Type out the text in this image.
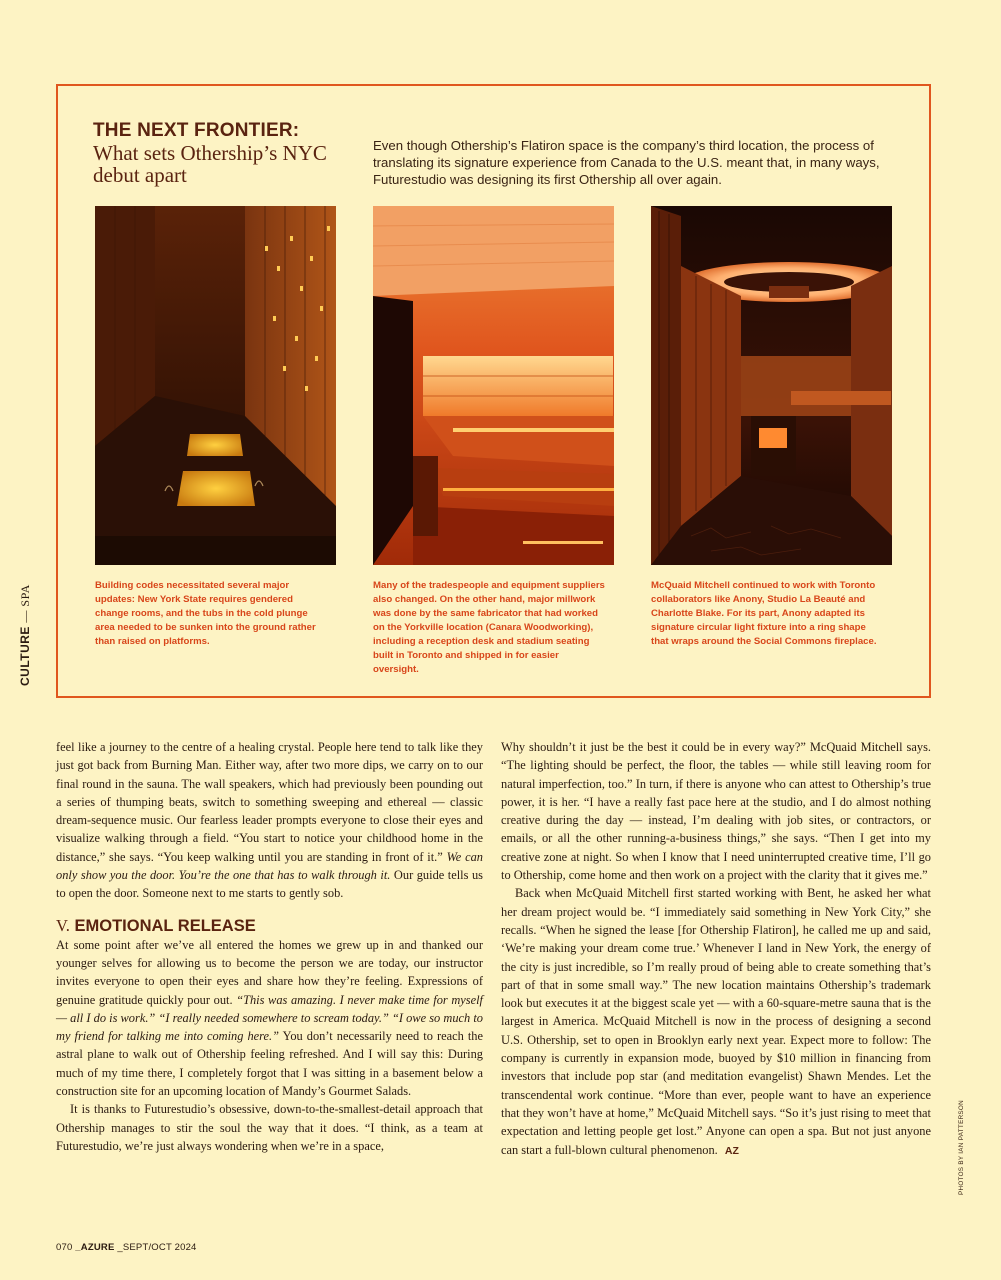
CULTURE — SPA

THE NEXT FRONTIER:

What sets Othership’s NYC debut apart

Even though Othership’s Flatiron space is the company’s third location, the process of translating its signature experience from Canada to the U.S. meant that, in many ways, Futurestudio was designing its first Othership all over again.

Building codes necessitated several major updates: New York State requires gendered change rooms, and the tubs in the cold plunge area needed to be sunken into the ground rather than raised on platforms.

Many of the tradespeople and equipment suppliers also changed. On the other hand, major millwork was done by the same fabricator that had worked on the Yorkville location (Canara Woodworking), including a reception desk and stadium seating built in Toronto and shipped in for easier oversight.

McQuaid Mitchell continued to work with Toronto collaborators like Anony, Studio La Beauté and Charlotte Blake. For its part, Anony adapted its signature circular light fixture into a ring shape that wraps around the Social Commons fireplace.

feel like a journey to the centre of a healing crystal. People here tend to talk like they just got back from Burning Man. Either way, after two more dips, we carry on to our final round in the sauna. The wall speakers, which had previously been pounding out a series of thumping beats, switch to something sweeping and ethereal — classic dream-sequence music. Our fearless leader prompts everyone to close their eyes and visualize walking through a field. “You start to notice your childhood home in the distance,” she says. “You keep walking until you are standing in front of it.” We can only show you the door. You’re the one that has to walk through it. Our guide tells us to open the door. Someone next to me starts to gently sob.

V. EMOTIONAL RELEASE

At some point after we’ve all entered the homes we grew up in and thanked our younger selves for allowing us to become the person we are today, our instructor invites everyone to open their eyes and share how they’re feeling. Expressions of genuine gratitude quickly pour out. “This was amazing. I never make time for myself — all I do is work.” “I really needed somewhere to scream today.” “I owe so much to my friend for talking me into coming here.” You don’t necessarily need to reach the astral plane to walk out of Othership feeling refreshed. And I will say this: During much of my time there, I completely forgot that I was sitting in a basement below a construction site for an upcoming location of Mandy’s Gourmet Salads.

It is thanks to Futurestudio’s obsessive, down-to-the-smallest-detail approach that Othership manages to stir the soul the way that it does. “I think, as a team at Futurestudio, we’re just always wondering when we’re in a space,

Why shouldn’t it just be the best it could be in every way?” McQuaid Mitchell says. “The lighting should be perfect, the floor, the tables — while still leaving room for natural imperfection, too.” In turn, if there is anyone who can attest to Othership’s true power, it is her. “I have a really fast pace here at the studio, and I do almost nothing creative during the day — instead, I’m dealing with job sites, or contractors, or emails, or all the other running-a-business things,” she says. “Then I get into my creative zone at night. So when I know that I need uninterrupted creative time, I’ll go to Othership, come home and then work on a project with the clarity that it gives me.”

Back when McQuaid Mitchell first started working with Bent, he asked her what her dream project would be. “I immediately said something in New York City,” she recalls. “When he signed the lease [for Othership Flatiron], he called me up and said, ‘We’re making your dream come true.’ Whenever I land in New York, the energy of the city is just incredible, so I’m really proud of being able to create something that’s part of that in some small way.” The new location maintains Othership’s trademark look but executes it at the biggest scale yet — with a 60-square-metre sauna that is the largest in America. McQuaid Mitchell is now in the process of designing a second U.S. Othership, set to open in Brooklyn early next year. Expect more to follow: The company is currently in expansion mode, buoyed by $10 million in financing from investors that include pop star (and meditation evangelist) Shawn Mendes. Let the transcendental work continue. “More than ever, people want to have an experience that they won’t have at home,” McQuaid Mitchell says. “So it’s just rising to meet that expectation and letting people get lost.” Anyone can open a spa. But not just anyone can start a full-blown cultural phenomenon. AZ	PHOTOS BY IAN PATTERSON
070 _AZURE _SEPT/OCT 2024
